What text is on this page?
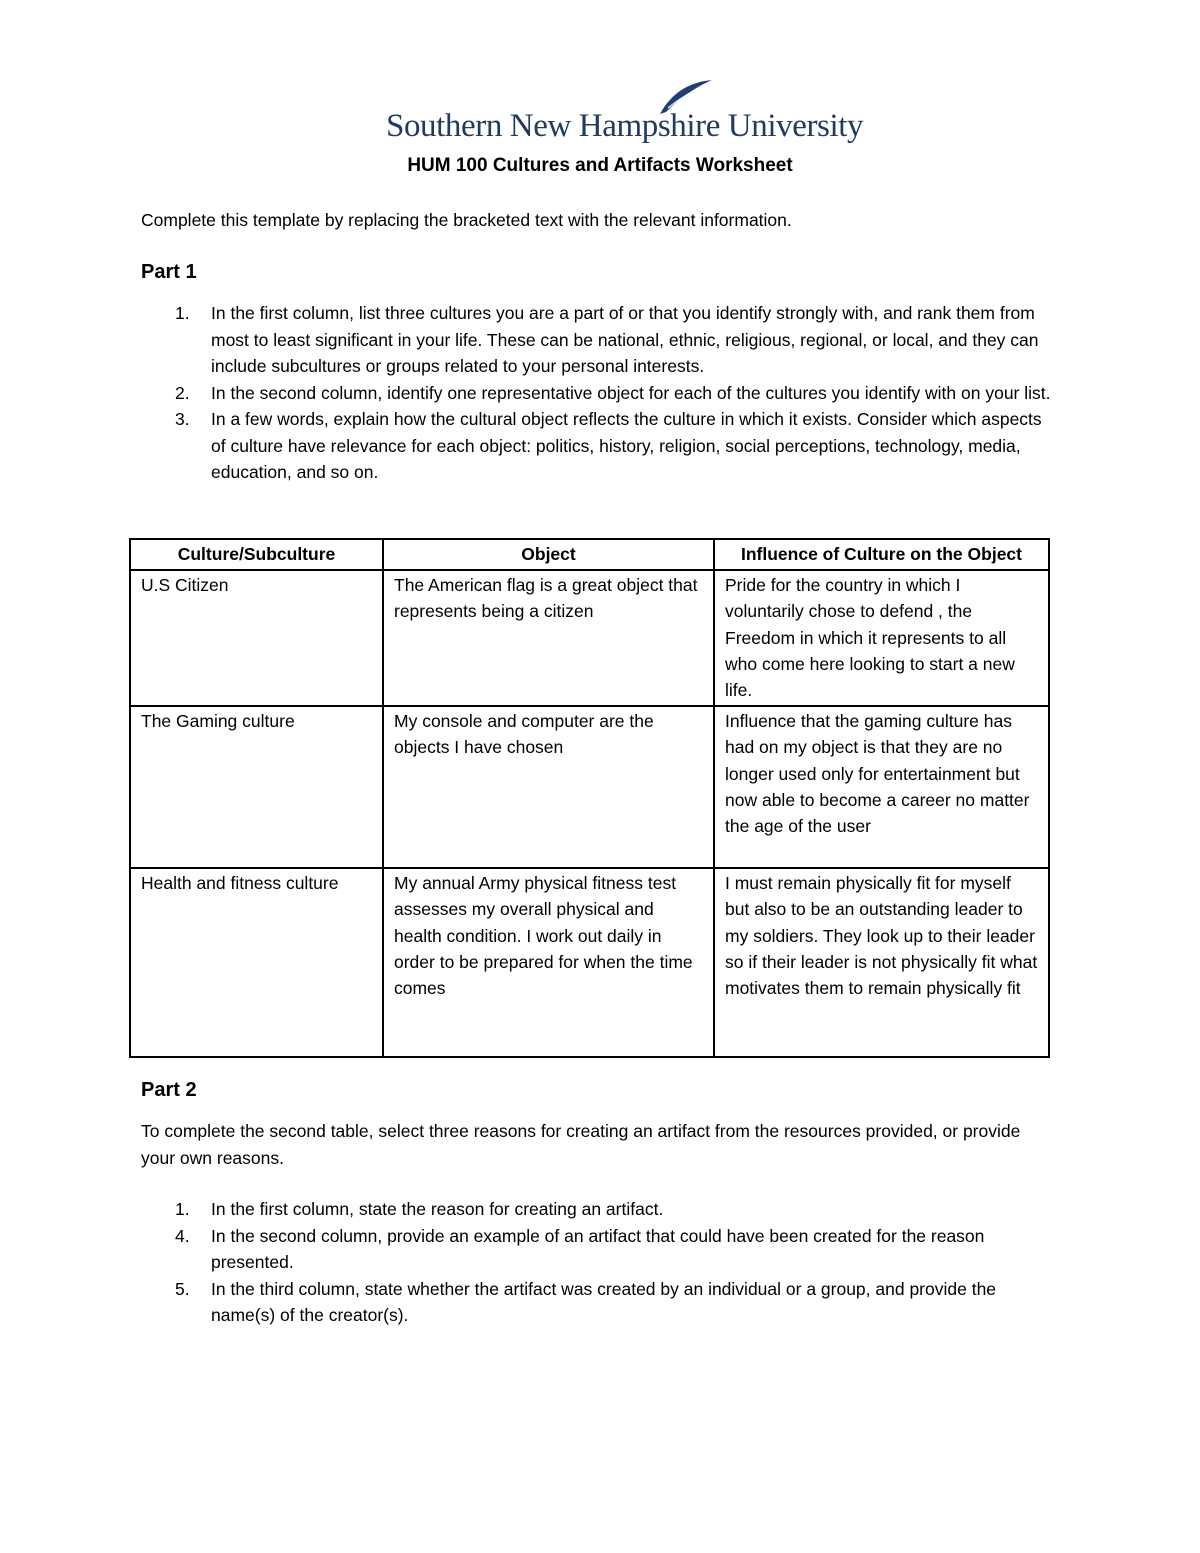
Southern New Hampshire University
HUM 100 Cultures and Artifacts Worksheet
Complete this template by replacing the bracketed text with the relevant information.
Part 1
1. In the first column, list three cultures you are a part of or that you identify strongly with, and rank them from most to least significant in your life. These can be national, ethnic, religious, regional, or local, and they can include subcultures or groups related to your personal interests.
2. In the second column, identify one representative object for each of the cultures you identify with on your list.
3. In a few words, explain how the cultural object reflects the culture in which it exists. Consider which aspects of culture have relevance for each object: politics, history, religion, social perceptions, technology, media, education, and so on.
Culture/Subculture	Object	Influence of Culture on the Object
U.S Citizen	The American flag is a great object that represents being a citizen	Pride for the country in which I voluntarily chose to defend , the Freedom in which it represents to all who come here looking to start a new life.
The Gaming culture	My console and computer are the objects I have chosen	Influence that the gaming culture has had on my object is that they are no longer used only for entertainment but now able to become a career no matter the age of the user
Health and fitness culture	My annual Army physical fitness test assesses my overall physical and health condition. I work out daily in order to be prepared for when the time comes	I must remain physically fit for myself but also to be an outstanding leader to my soldiers. They look up to their leader so if their leader is not physically fit what motivates them to remain physically fit
Part 2
To complete the second table, select three reasons for creating an artifact from the resources provided, or provide your own reasons.
1. In the first column, state the reason for creating an artifact.
4. In the second column, provide an example of an artifact that could have been created for the reason presented.
5. In the third column, state whether the artifact was created by an individual or a group, and provide the name(s) of the creator(s).
